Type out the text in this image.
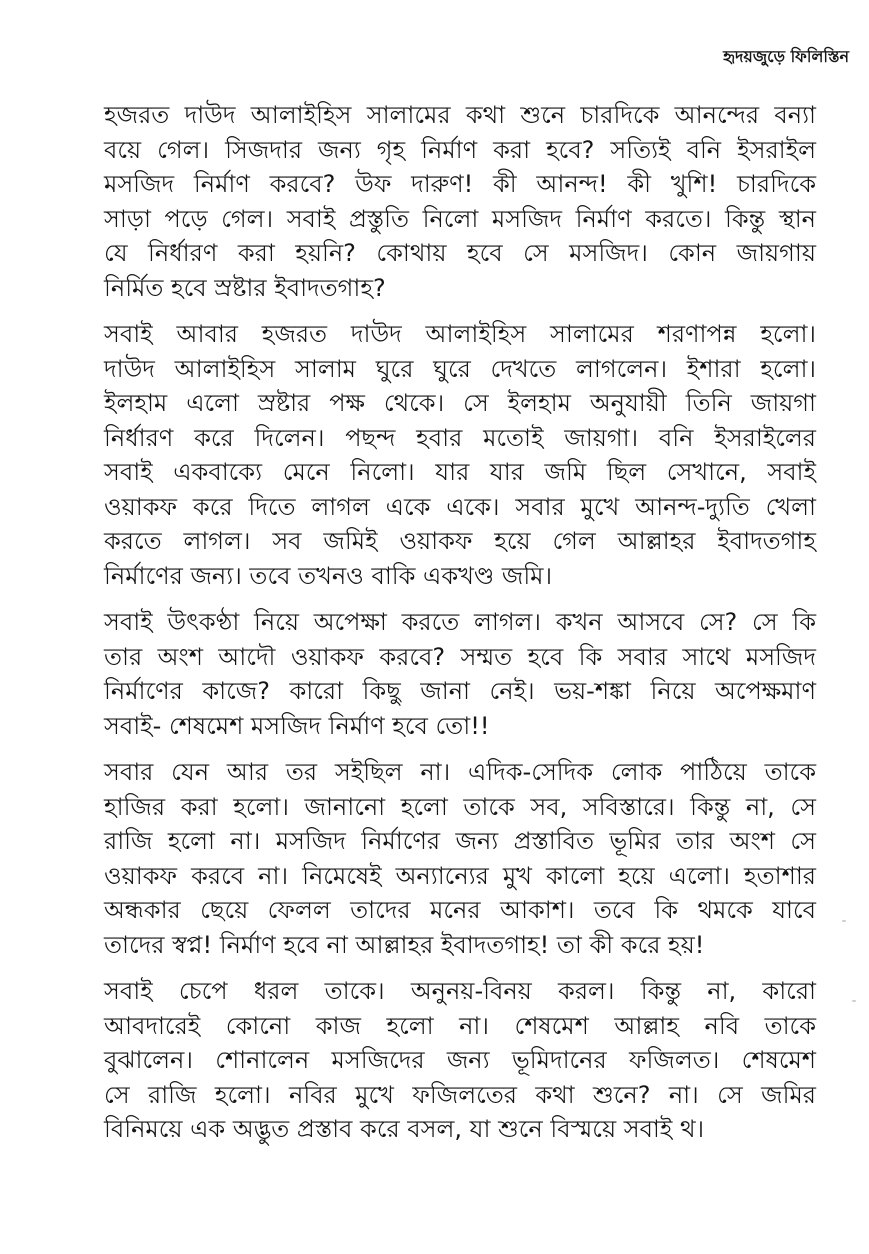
হৃদয়জুড়ে ফিলিস্তিন
হজরত দাউদ আলাইহিস সালামের কথা শুনে চারদিকে আনন্দের বন্যা
বয়ে গেল। সিজদার জন্য গৃহ নির্মাণ করা হবে? সত্যিই বনি ইসরাইল
মসজিদ নির্মাণ করবে? উফ দারুণ! কী আনন্দ! কী খুশি! চারদিকে
সাড়া পড়ে গেল। সবাই প্রস্তুতি নিলো মসজিদ নির্মাণ করতে। কিন্তু স্থান
যে নির্ধারণ করা হয়নি? কোথায় হবে সে মসজিদ। কোন জায়গায়
নির্মিত হবে স্রষ্টার ইবাদতগাহ?
সবাই আবার হজরত দাউদ আলাইহিস সালামের শরণাপন্ন হলো।
দাউদ আলাইহিস সালাম ঘুরে ঘুরে দেখতে লাগলেন। ইশারা হলো।
ইলহাম এলো স্রষ্টার পক্ষ থেকে। সে ইলহাম অনুযায়ী তিনি জায়গা
নির্ধারণ করে দিলেন। পছন্দ হবার মতোই জায়গা। বনি ইসরাইলের
সবাই একবাক্যে মেনে নিলো। যার যার জমি ছিল সেখানে, সবাই
ওয়াকফ করে দিতে লাগল একে একে। সবার মুখে আনন্দ-দ্যুতি খেলা
করতে লাগল। সব জমিই ওয়াকফ হয়ে গেল আল্লাহর ইবাদতগাহ
নির্মাণের জন্য। তবে তখনও বাকি একখণ্ড জমি।
সবাই উৎকণ্ঠা নিয়ে অপেক্ষা করতে লাগল। কখন আসবে সে? সে কি
তার অংশ আদৌ ওয়াকফ করবে? সম্মত হবে কি সবার সাথে মসজিদ
নির্মাণের কাজে? কারো কিছু জানা নেই। ভয়-শঙ্কা নিয়ে অপেক্ষমাণ
সবাই- শেষমেশ মসজিদ নির্মাণ হবে তো!!
সবার যেন আর তর সইছিল না। এদিক-সেদিক লোক পাঠিয়ে তাকে
হাজির করা হলো। জানানো হলো তাকে সব, সবিস্তারে। কিন্তু না, সে
রাজি হলো না। মসজিদ নির্মাণের জন্য প্রস্তাবিত ভূমির তার অংশ সে
ওয়াকফ করবে না। নিমেষেই অন্যান্যের মুখ কালো হয়ে এলো। হতাশার
অন্ধকার ছেয়ে ফেলল তাদের মনের আকাশ। তবে কি থমকে যাবে
তাদের স্বপ্ন! নির্মাণ হবে না আল্লাহর ইবাদতগাহ! তা কী করে হয়!
সবাই চেপে ধরল তাকে। অনুনয়-বিনয় করল। কিন্তু না, কারো
আবদারেই কোনো কাজ হলো না। শেষমেশ আল্লাহ নবি তাকে
বুঝালেন। শোনালেন মসজিদের জন্য ভূমিদানের ফজিলত। শেষমেশ
সে রাজি হলো। নবির মুখে ফজিলতের কথা শুনে? না। সে জমির
বিনিময়ে এক অদ্ভুত প্রস্তাব করে বসল, যা শুনে বিস্ময়ে সবাই থ।
